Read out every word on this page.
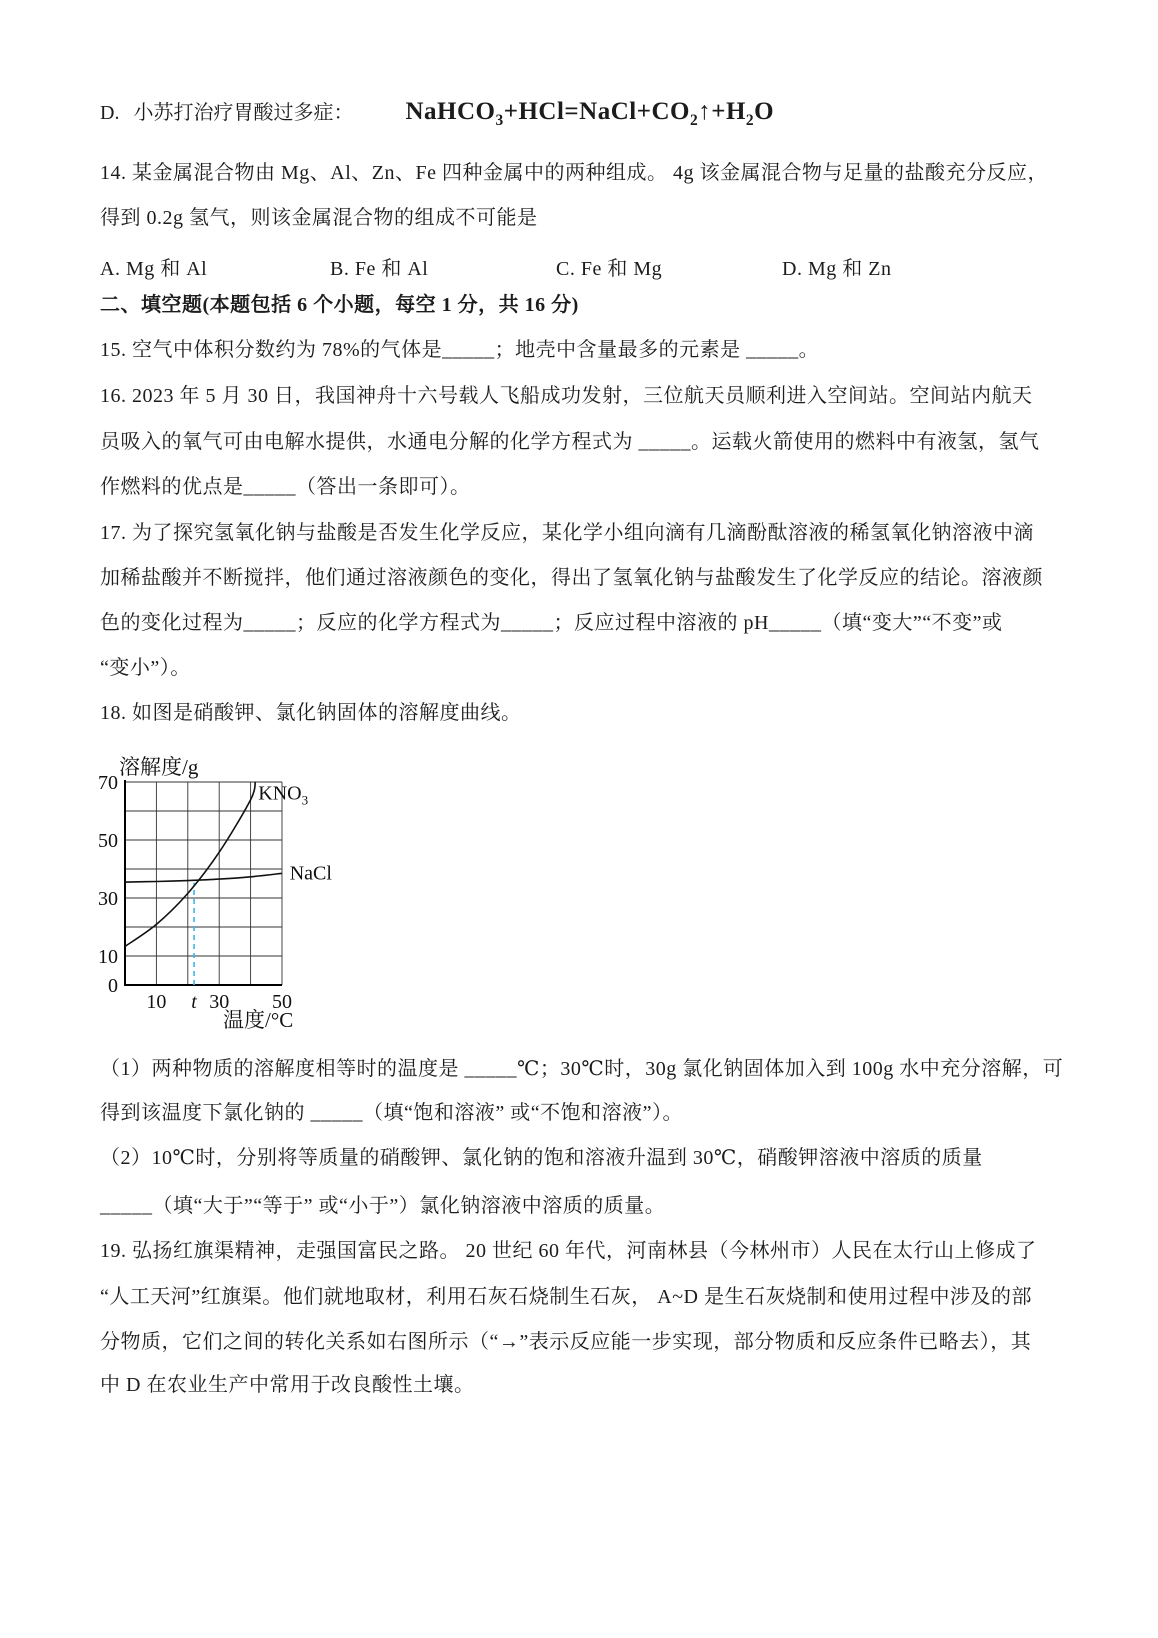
D. 小苏打治疗胃酸过多症： $NaHCO_3+HCl=NaCl+CO_2↑+H_2O$
14. 某金属混合物由 Mg、Al、Zn、Fe 四种金属中的两种组成。 4g 该金属混合物与足量的盐酸充分反应，
得到 0.2g 氢气，则该金属混合物的组成不可能是
A. Mg 和 Al	B. Fe 和 Al	C. Fe 和 Mg	D. Mg 和 Zn
二、填空题(本题包括 6 个小题，每空 1 分，共 16 分)
15. 空气中体积分数约为 78%的气体是_____；地壳中含量最多的元素是 _____。
16. 2023 年 5 月 30 日，我国神舟十六号载人飞船成功发射，三位航天员顺利进入空间站。空间站内航天
员吸入的氧气可由电解水提供，水通电分解的化学方程式为 _____。运载火箭使用的燃料中有液氢，氢气
作燃料的优点是_____（答出一条即可）。
17. 为了探究氢氧化钠与盐酸是否发生化学反应，某化学小组向滴有几滴酚酞溶液的稀氢氧化钠溶液中滴
加稀盐酸并不断搅拌，他们通过溶液颜色的变化，得出了氢氧化钠与盐酸发生了化学反应的结论。溶液颜
色的变化过程为_____；反应的化学方程式为_____；反应过程中溶液的 pH_____（填“变大”“不变”或
“变小”）。
18. 如图是硝酸钾、氯化钠固体的溶解度曲线。
$KNO_3$
NaCl
0
10
30
50
70
10 t 30 50
溶解度/g
温度/°C
（1）两种物质的溶解度相等时的温度是 _____℃；30℃时，30g 氯化钠固体加入到 100g 水中充分溶解，可
得到该温度下氯化钠的 _____（填“饱和溶液” 或“不饱和溶液”）。
（2）10℃时，分别将等质量的硝酸钾、氯化钠的饱和溶液升温到 30℃，硝酸钾溶液中溶质的质量
_____（填“大于”“等于” 或“小于”）氯化钠溶液中溶质的质量。
19. 弘扬红旗渠精神，走强国富民之路。 20 世纪 60 年代，河南林县（今林州市）人民在太行山上修成了
“人工天河”红旗渠。他们就地取材，利用石灰石烧制生石灰， A~D 是生石灰烧制和使用过程中涉及的部
分物质，它们之间的转化关系如右图所示（“→”表示反应能一步实现，部分物质和反应条件已略去），其
中 D 在农业生产中常用于改良酸性土壤。
